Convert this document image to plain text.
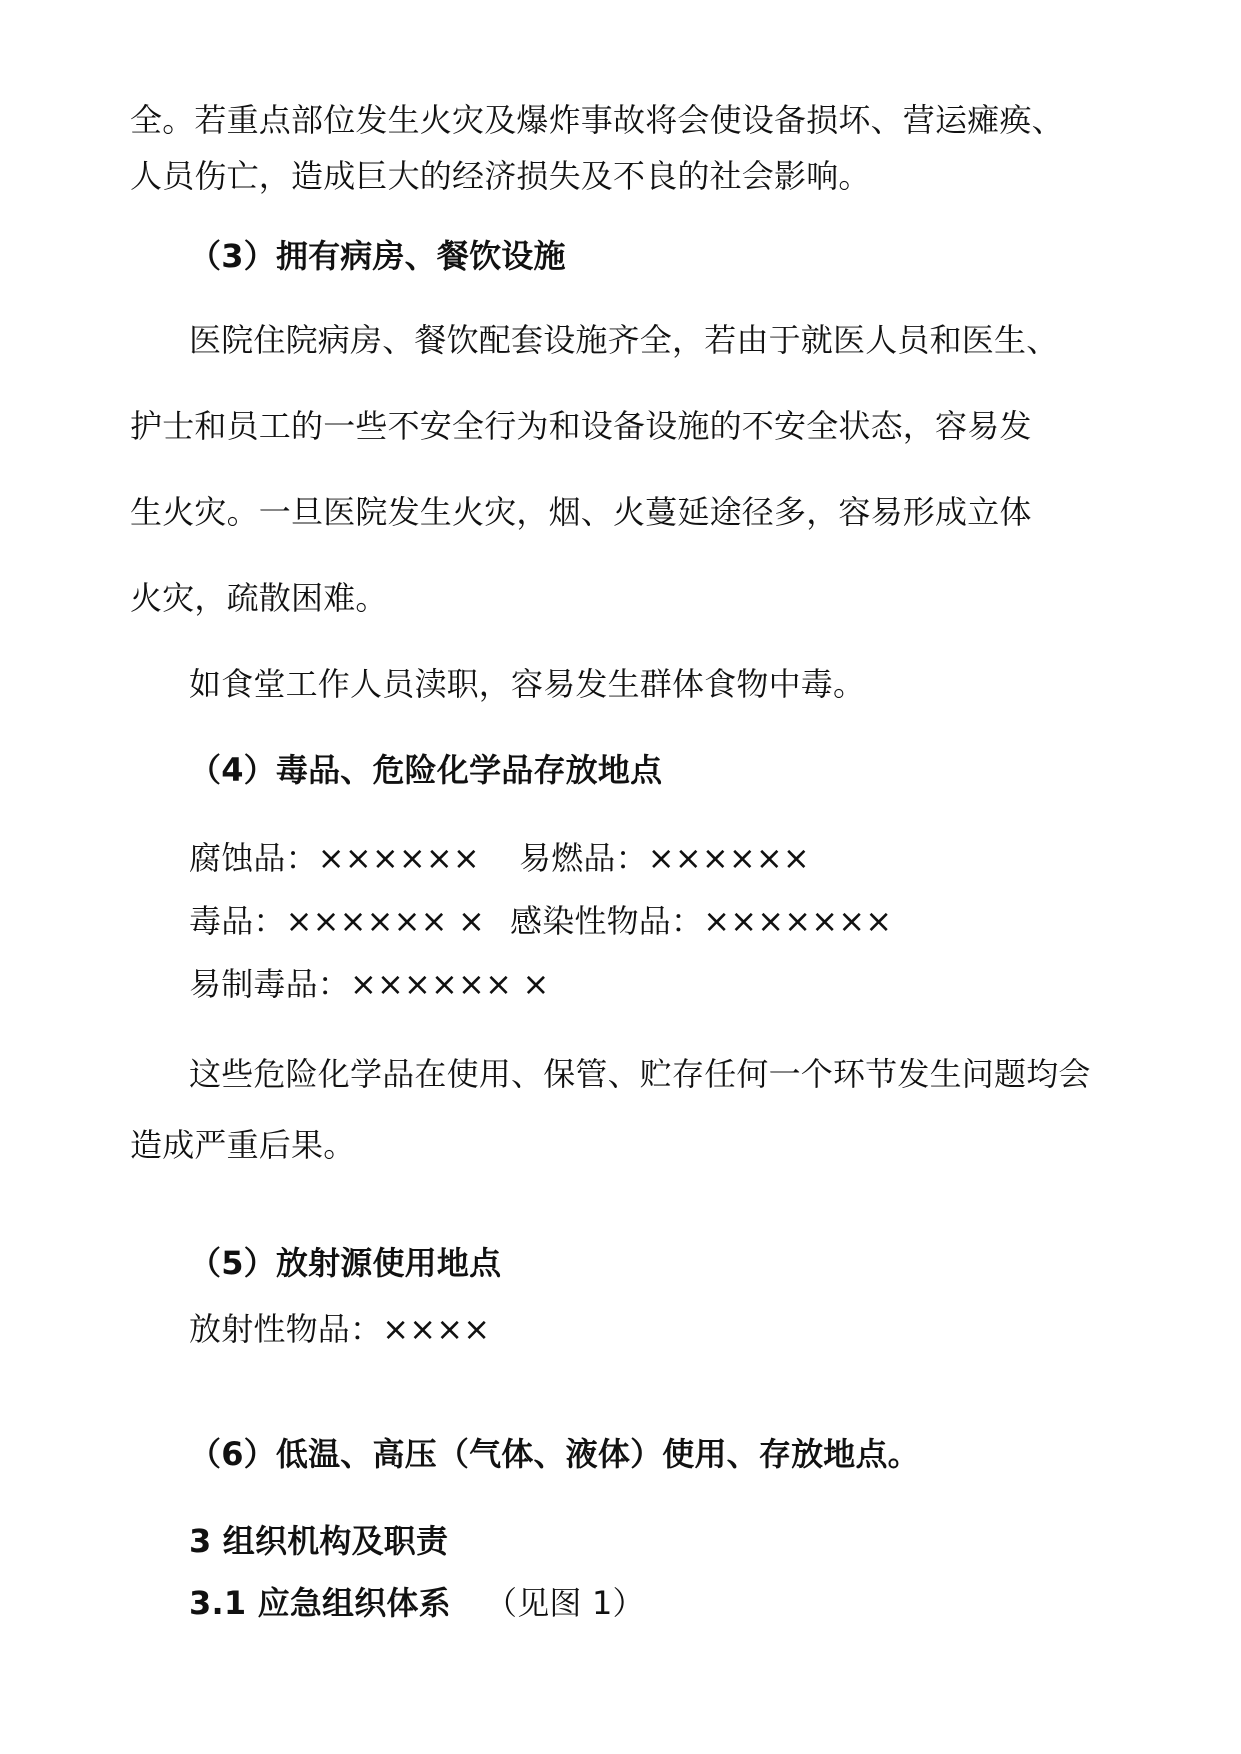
全。若重点部位发生火灾及爆炸事故将会使设备损坏、营运瘫痪、
人员伤亡，造成巨大的经济损失及不良的社会影响。
（3）拥有病房、餐饮设施
医院住院病房、餐饮配套设施齐全，若由于就医人员和医生、
护士和员工的一些不安全行为和设备设施的不安全状态，容易发
生火灾。一旦医院发生火灾，烟、火蔓延途径多，容易形成立体
火灾，疏散困难。
如食堂工作人员渎职，容易发生群体食物中毒。
（4）毒品、危险化学品存放地点
腐蚀品：×××××× 易燃品：××××××
毒品：×××××× × 感染性物品：×××××××
易制毒品：×××××× ×
这些危险化学品在使用、保管、贮存任何一个环节发生问题均会
造成严重后果。
（5）放射源使用地点
放射性物品：××××
（6）低温、高压（气体、液体）使用、存放地点。
3 组织机构及职责
3.1 应急组织体系 （见图 1）
